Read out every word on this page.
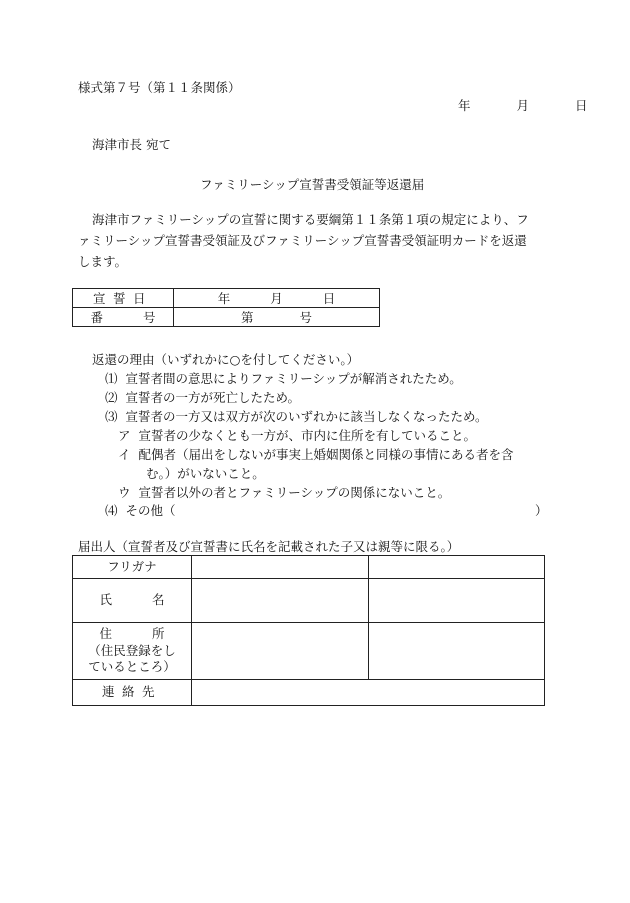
様式第７号（第１１条関係）
年	月	日
海津市長 宛て
ファミリーシップ宣誓書受領証等返還届
海津市ファミリーシップの宣誓に関する要綱第１１条第１項の規定により、フ
ァミリーシップ宣誓書受領証及びファミリーシップ宣誓書受領証明カードを返還
します。
宣誓日	年 月 日
番 号	第 号
返還の理由（いずれかに○を付してください。）
⑴ 宣誓者間の意思によりファミリーシップが解消されたため。
⑵ 宣誓者の一方が死亡したため。
⑶ 宣誓者の一方又は双方が次のいずれかに該当しなくなったため。
ア 宣誓者の少なくとも一方が、市内に住所を有していること。
イ 配偶者（届出をしないが事実上婚姻関係と同様の事情にある者を含
む。）がいないこと。
ウ 宣誓者以外の者とファミリーシップの関係にないこと。
⑷ その他（	）
届出人（宣誓者及び宣誓書に氏名を記載された子又は親等に限る。）
フリガナ		
氏 名		
住 所
（住民登録をし
ているところ）		
連絡先		
